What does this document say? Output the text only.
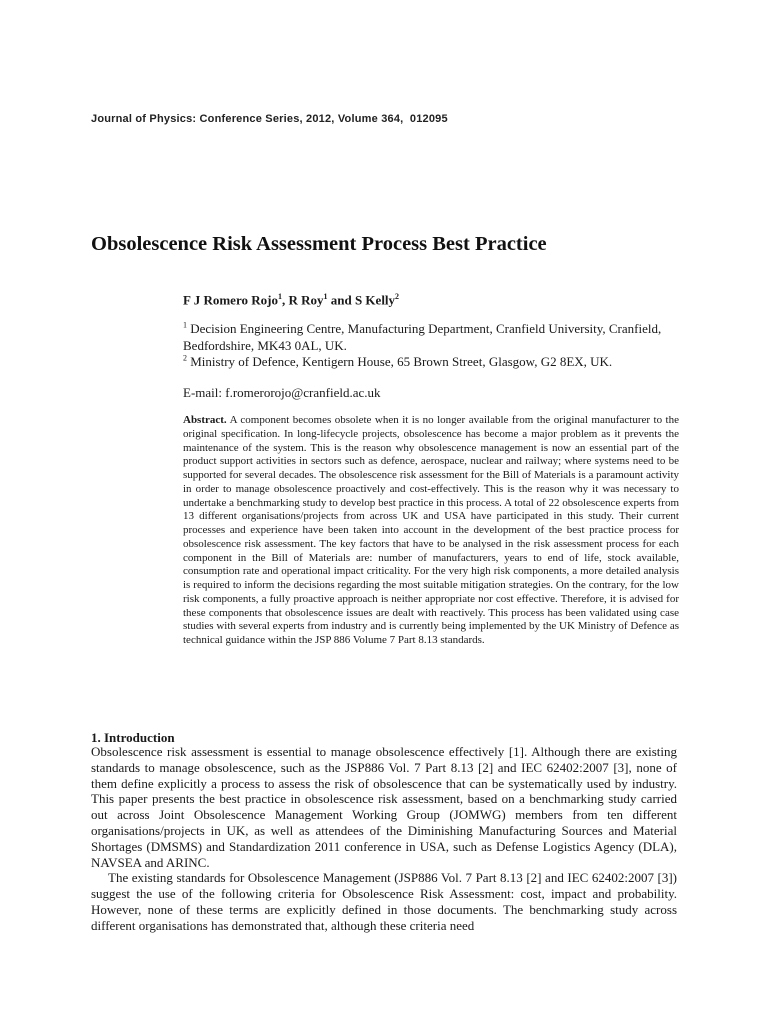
Journal of Physics: Conference Series, 2012, Volume 364,  012095
Obsolescence Risk Assessment Process Best Practice
F J Romero Rojo$^1$, R Roy$^1$ and S Kelly$^2$
$^1$ Decision Engineering Centre, Manufacturing Department, Cranfield University, Cranfield, Bedfordshire, MK43 0AL, UK.
$^2$ Ministry of Defence, Kentigern House, 65 Brown Street, Glasgow, G2 8EX, UK.
E-mail: f.romerorojo@cranfield.ac.uk
Abstract. A component becomes obsolete when it is no longer available from the original manufacturer to the original specification. In long-lifecycle projects, obsolescence has become a major problem as it prevents the maintenance of the system. This is the reason why obsolescence management is now an essential part of the product support activities in sectors such as defence, aerospace, nuclear and railway; where systems need to be supported for several decades. The obsolescence risk assessment for the Bill of Materials is a paramount activity in order to manage obsolescence proactively and cost-effectively. This is the reason why it was necessary to undertake a benchmarking study to develop best practice in this process. A total of 22 obsolescence experts from 13 different organisations/projects from across UK and USA have participated in this study. Their current processes and experience have been taken into account in the development of the best practice process for obsolescence risk assessment. The key factors that have to be analysed in the risk assessment process for each component in the Bill of Materials are: number of manufacturers, years to end of life, stock available, consumption rate and operational impact criticality. For the very high risk components, a more detailed analysis is required to inform the decisions regarding the most suitable mitigation strategies. On the contrary, for the low risk components, a fully proactive approach is neither appropriate nor cost effective. Therefore, it is advised for these components that obsolescence issues are dealt with reactively. This process has been validated using case studies with several experts from industry and is currently being implemented by the UK Ministry of Defence as technical guidance within the JSP 886 Volume 7 Part 8.13 standards.
1. Introduction

Obsolescence risk assessment is essential to manage obsolescence effectively [1]. Although there are existing standards to manage obsolescence, such as the JSP886 Vol. 7 Part 8.13 [2] and IEC 62402:2007 [3], none of them define explicitly a process to assess the risk of obsolescence that can be systematically used by industry. This paper presents the best practice in obsolescence risk assessment, based on a benchmarking study carried out across Joint Obsolescence Management Working Group (JOMWG) members from ten different organisations/projects in UK, as well as attendees of the Diminishing Manufacturing Sources and Material Shortages (DMSMS) and Standardization 2011 conference in USA, such as Defense Logistics Agency (DLA), NAVSEA and ARINC.

The existing standards for Obsolescence Management (JSP886 Vol. 7 Part 8.13 [2] and IEC 62402:2007 [3]) suggest the use of the following criteria for Obsolescence Risk Assessment: cost, impact and probability. However, none of these terms are explicitly defined in those documents. The benchmarking study across different organisations has demonstrated that, although these criteria need
